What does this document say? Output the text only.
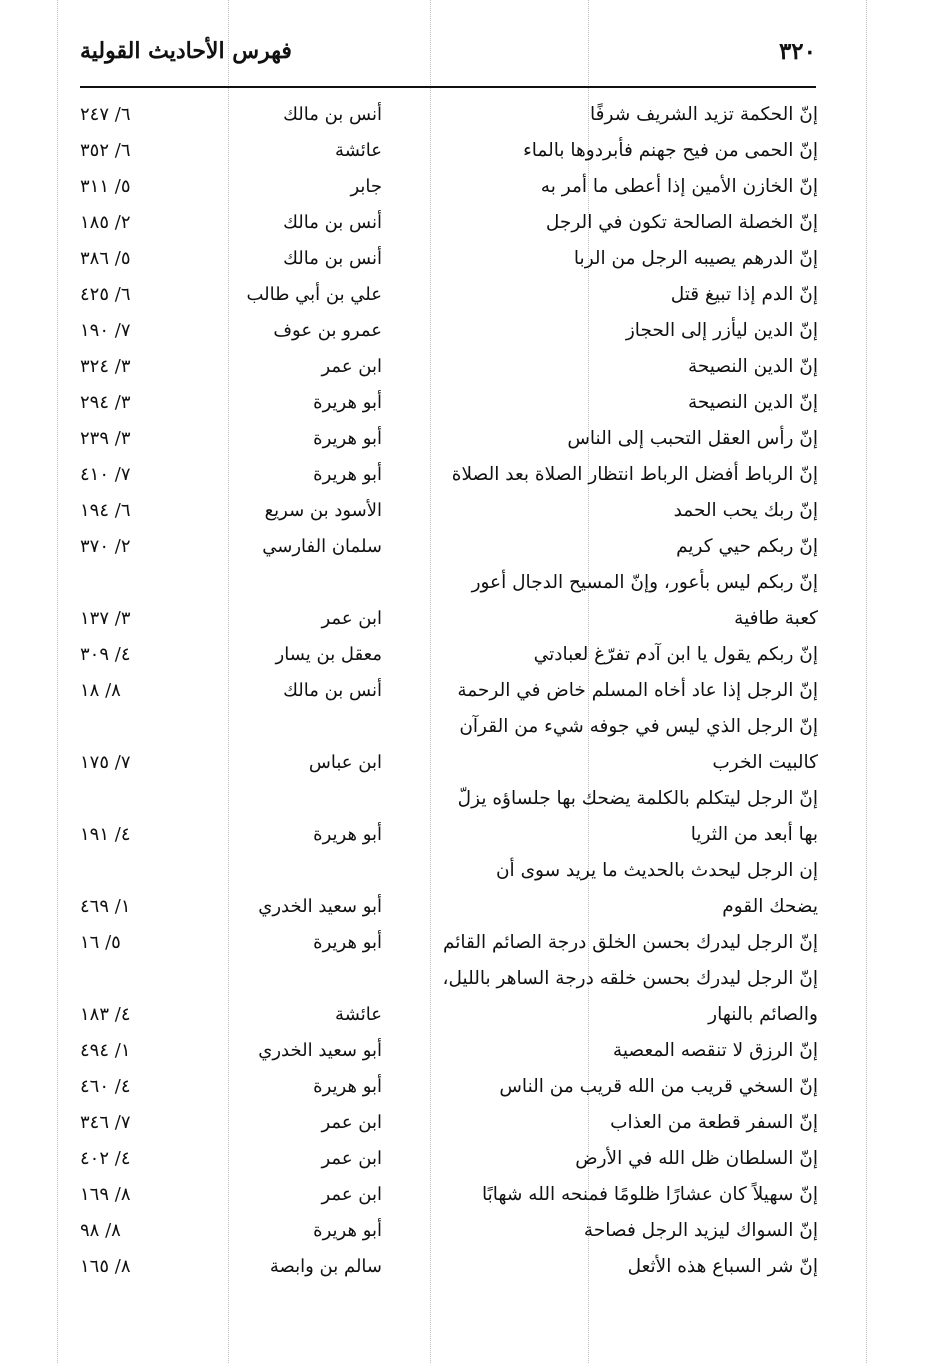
فهرس الأحاديث القولية	٣٢٠
إنّ الحكمة تزيد الشريف شرفًا
أنس بن مالك
٦/ ٢٤٧
إنّ الحمى من فيح جهنم فأبردوها بالماء
عائشة
٦/ ٣٥٢
إنّ الخازن الأمين إذا أعطى ما أمر به
جابر
٥/ ٣١١
إنّ الخصلة الصالحة تكون في الرجل
أنس بن مالك
٢/ ١٨٥
إنّ الدرهم يصيبه الرجل من الربا
أنس بن مالك
٥/ ٣٨٦
إنّ الدم إذا تبيغ قتل
علي بن أبي طالب
٦/ ٤٢٥
إنّ الدين ليأزر إلى الحجاز
عمرو بن عوف
٧/ ١٩٠
إنّ الدين النصيحة
ابن عمر
٣/ ٣٢٤
إنّ الدين النصيحة
أبو هريرة
٣/ ٢٩٤
إنّ رأس العقل التحبب إلى الناس
أبو هريرة
٣/ ٢٣٩
إنّ الرباط أفضل الرباط انتظار الصلاة بعد الصلاة
أبو هريرة
٧/ ٤١٠
إنّ ربك يحب الحمد
الأسود بن سريع
٦/ ١٩٤
إنّ ربكم حيي كريم
سلمان الفارسي
٢/ ٣٧٠
إنّ ربكم ليس بأعور، وإنّ المسيح الدجال أعور
كعبة طافية
ابن عمر
٣/ ١٣٧
إنّ ربكم يقول يا ابن آدم تفرّغ لعبادتي
معقل بن يسار
٤/ ٣٠٩
إنّ الرجل إذا عاد أخاه المسلم خاض في الرحمة
أنس بن مالك
٨/ ١٨
إنّ الرجل الذي ليس في جوفه شيء من القرآن
كالبيت الخرب
ابن عباس
٧/ ١٧٥
إنّ الرجل ليتكلم بالكلمة يضحك بها جلساؤه يزلّ
بها أبعد من الثريا
أبو هريرة
٤/ ١٩١
إن الرجل ليحدث بالحديث ما يريد سوى أن
يضحك القوم
أبو سعيد الخدري
١/ ٤٦٩
إنّ الرجل ليدرك بحسن الخلق درجة الصائم القائم
أبو هريرة
٥/ ١٦
إنّ الرجل ليدرك بحسن خلقه درجة الساهر بالليل،
والصائم بالنهار
عائشة
٤/ ١٨٣
إنّ الرزق لا تنقصه المعصية
أبو سعيد الخدري
١/ ٤٩٤
إنّ السخي قريب من الله قريب من الناس
أبو هريرة
٤/ ٤٦٠
إنّ السفر قطعة من العذاب
ابن عمر
٧/ ٣٤٦
إنّ السلطان ظل الله في الأرض
ابن عمر
٤/ ٤٠٢
إنّ سهيلاً كان عشارًا ظلومًا فمنحه الله شهابًا
ابن عمر
٨/ ١٦٩
إنّ السواك ليزيد الرجل فصاحة
أبو هريرة
٨/ ٩٨
إنّ شر السباع هذه الأثعل
سالم بن وابصة
٨/ ١٦٥
